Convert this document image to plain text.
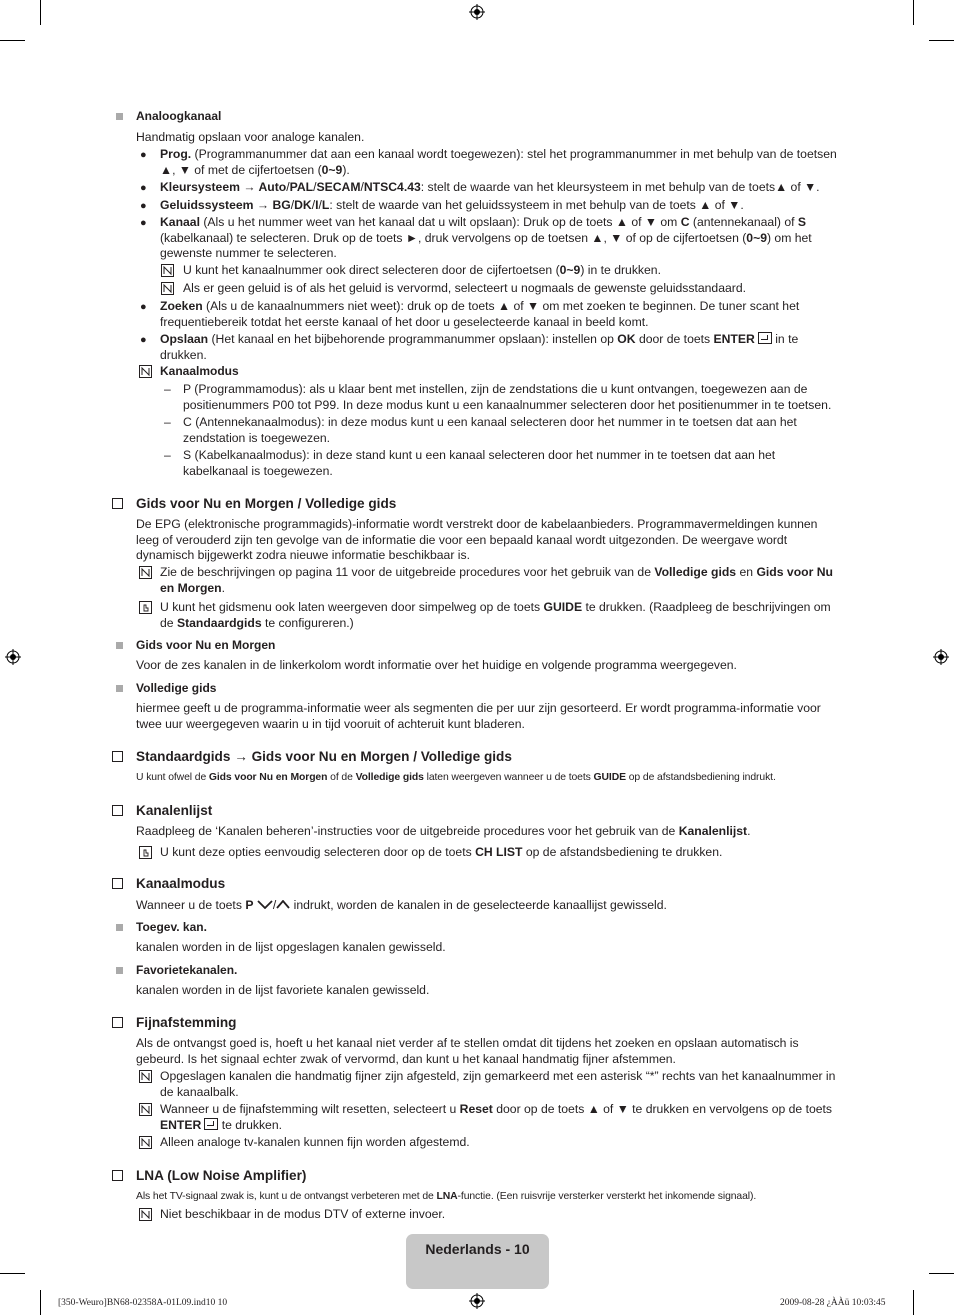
Analoogkanaal
Handmatig opslaan voor analoge kanalen.
● Prog. (Programmanummer dat aan een kanaal wordt toegewezen): stel het programmanummer in met behulp van de toetsen ▲, ▼ of met de cijfertoetsen (0~9).
● Kleursysteem → Auto/PAL/SECAM/NTSC4.43: stelt de waarde van het kleursysteem in met behulp van de toets▲ of ▼.
● Geluidssysteem → BG/DK/I/L: stelt de waarde van het geluidssysteem in met behulp van de toets ▲ of ▼.
● Kanaal (Als u het nummer weet van het kanaal dat u wilt opslaan): Druk op de toets ▲ of ▼ om C (antennekanaal) of S (kabelkanaal) te selecteren. Druk op de toets ►, druk vervolgens op de toetsen ▲, ▼ of op de cijfertoetsen (0~9) om het gewenste nummer te selecteren.
U kunt het kanaalnummer ook direct selecteren door de cijfertoetsen (0~9) in te drukken.
Als er geen geluid is of als het geluid is vervormd, selecteert u nogmaals de gewenste geluidsstandaard.
● Zoeken (Als u de kanaalnummers niet weet): druk op de toets ▲ of ▼ om met zoeken te beginnen. De tuner scant het frequentiebereik totdat het eerste kanaal of het door u geselecteerde kanaal in beeld komt.
● Opslaan (Het kanaal en het bijbehorende programmanummer opslaan): instellen op OK door de toets ENTER in te drukken.
Kanaalmodus
– P (Programmamodus): als u klaar bent met instellen, zijn de zendstations die u kunt ontvangen, toegewezen aan de positienummers P00 tot P99. In deze modus kunt u een kanaalnummer selecteren door het positienummer in te toetsen.
– C (Antennekanaalmodus): in deze modus kunt u een kanaal selecteren door het nummer in te toetsen dat aan het zendstation is toegewezen.
– S (Kabelkanaalmodus): in deze stand kunt u een kanaal selecteren door het nummer in te toetsen dat aan het kabelkanaal is toegewezen.
Gids voor Nu en Morgen / Volledige gids
De EPG (elektronische programmagids)-informatie wordt verstrekt door de kabelaanbieders. Programmavermeldingen kunnen leeg of verouderd zijn ten gevolge van de informatie die voor een bepaald kanaal wordt uitgezonden. De weergave wordt dynamisch bijgewerkt zodra nieuwe informatie beschikbaar is.
Zie de beschrijvingen op pagina 11 voor de uitgebreide procedures voor het gebruik van de Volledige gids en Gids voor Nu en Morgen.
U kunt het gidsmenu ook laten weergeven door simpelweg op de toets GUIDE te drukken. (Raadpleeg de beschrijvingen om de Standaardgids te configureren.)
Gids voor Nu en Morgen
Voor de zes kanalen in de linkerkolom wordt informatie over het huidige en volgende programma weergegeven.
Volledige gids
hiermee geeft u de programma-informatie weer als segmenten die per uur zijn gesorteerd. Er wordt programma-informatie voor twee uur weergegeven waarin u in tijd vooruit of achteruit kunt bladeren.
Standaardgids → Gids voor Nu en Morgen / Volledige gids
U kunt ofwel de Gids voor Nu en Morgen of de Volledige gids laten weergeven wanneer u de toets GUIDE op de afstandsbediening indrukt.
Kanalenlijst
Raadpleeg de ‘Kanalen beheren’-instructies voor de uitgebreide procedures voor het gebruik van de Kanalenlijst.
U kunt deze opties eenvoudig selecteren door op de toets CH LIST op de afstandsbediening te drukken.
Kanaalmodus
Wanneer u de toets P / indrukt, worden de kanalen in de geselecteerde kanaallijst gewisseld.
Toegev. kan.
kanalen worden in de lijst opgeslagen kanalen gewisseld.
Favorietekanalen.
kanalen worden in de lijst favoriete kanalen gewisseld.
Fijnafstemming
Als de ontvangst goed is, hoeft u het kanaal niet verder af te stellen omdat dit tijdens het zoeken en opslaan automatisch is gebeurd. Is het signaal echter zwak of vervormd, dan kunt u het kanaal handmatig fijner afstemmen.
Opgeslagen kanalen die handmatig fijner zijn afgesteld, zijn gemarkeerd met een asterisk “*” rechts van het kanaalnummer in de kanaalbalk.
Wanneer u de fijnafstemming wilt resetten, selecteert u Reset door op de toets ▲ of ▼ te drukken en vervolgens op de toets ENTER te drukken.
Alleen analoge tv-kanalen kunnen fijn worden afgestemd.
LNA (Low Noise Amplifier)
Als het TV-signaal zwak is, kunt u de ontvangst verbeteren met de LNA-functie. (Een ruisvrije versterker versterkt het inkomende signaal).
Niet beschikbaar in de modus DTV of externe invoer.
Nederlands - 10
[350-Weuro]BN68-02358A-01L09.ind10 10	2009-08-28 ¿ÀÀü 10:03:45
